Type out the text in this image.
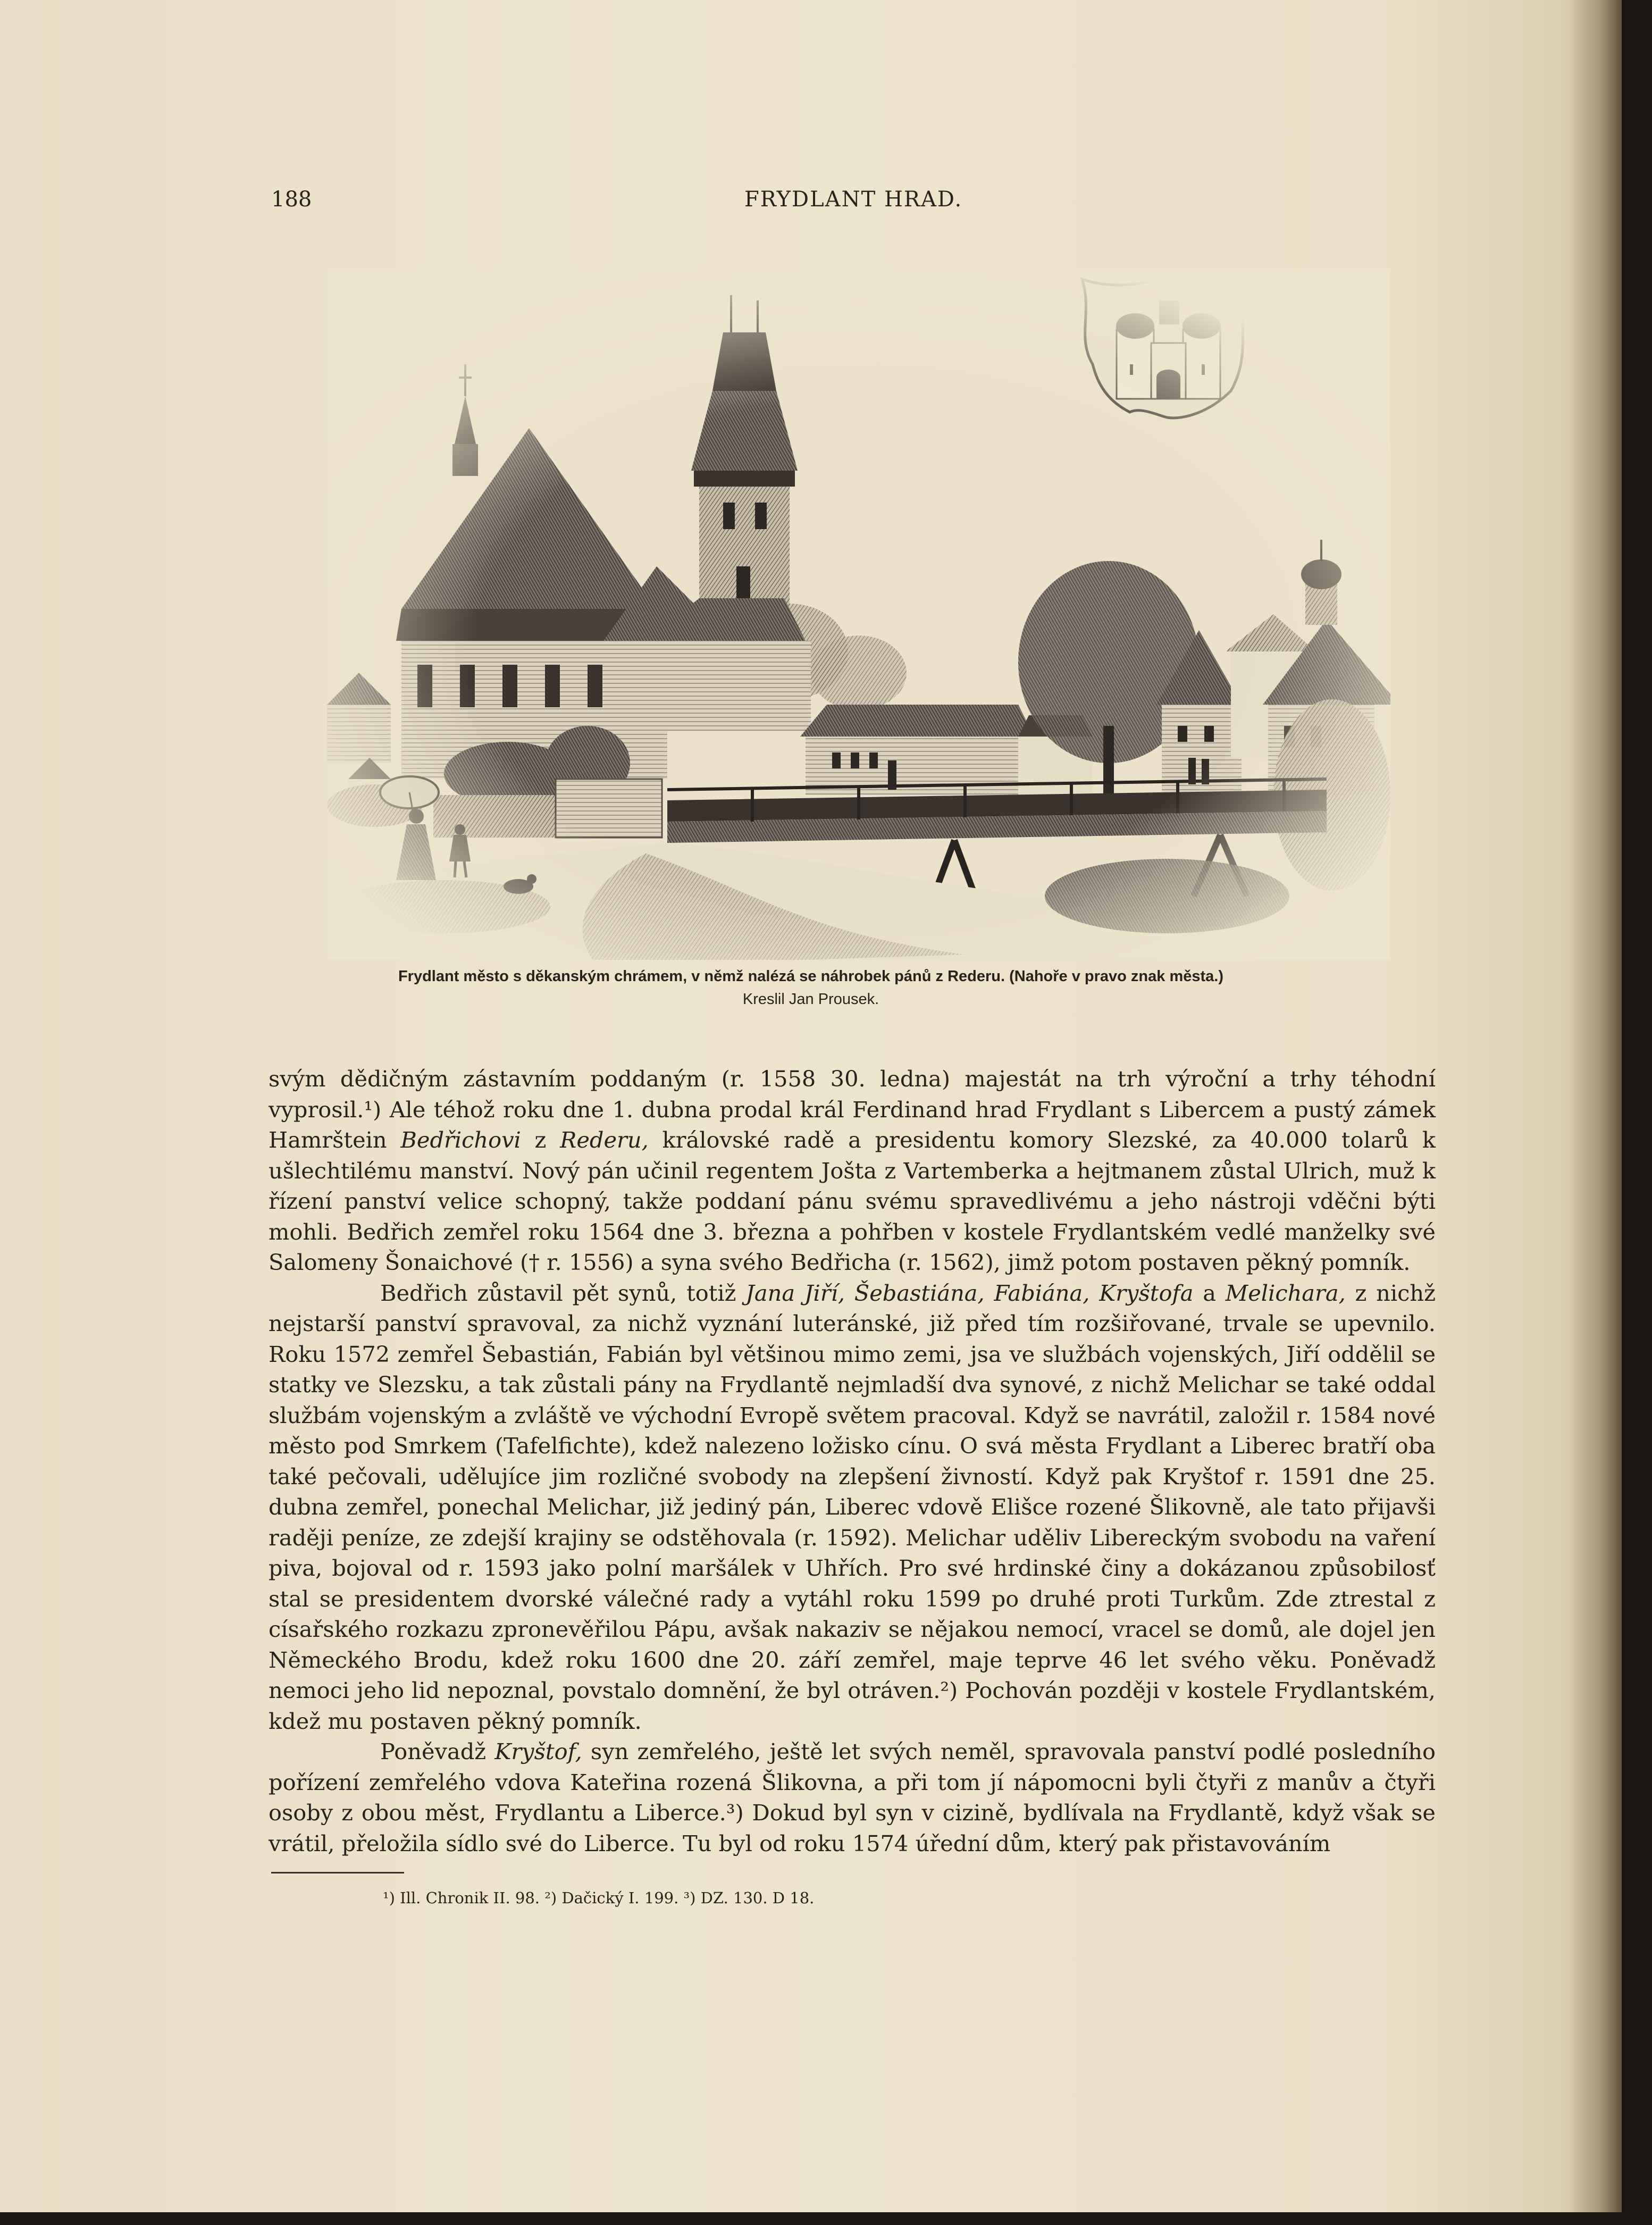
188	FRYDLANT HRAD.
Frydlant město s děkanským chrámem, v němž nalézá se náhrobek pánů z Rederu. (Nahoře v pravo znak města.)
Kreslil Jan Prousek.

svým dědičným zástavním poddaným (r. 1558 30. ledna) majestát na trh výroční a trhy téhodní vyprosil.¹) Ale téhož roku dne 1. dubna prodal král Ferdinand hrad Frydlant s Libercem a pustý zámek Hamrštein Bedřichovi z Rederu, královské radě a presidentu komory Slezské, za 40.000 tolarů k ušlechtilému manství. Nový pán učinil regentem Jošta z Vartemberka a hejtmanem zůstal Ulrich, muž k řízení panství velice schopný, takže poddaní pánu svému spravedlivému a jeho nástroji vděčni býti mohli. Bedřich zemřel roku 1564 dne 3. března a pohřben v kostele Frydlantském vedlé manželky své Salomeny Šonaichové († r. 1556) a syna svého Bedřicha (r. 1562), jimž potom postaven pěkný pomník.

Bedřich zůstavil pět synů, totiž Jana Jiří, Šebastiána, Fabiána, Kryštofa a Melichara, z nichž nejstarší panství spravoval, za nichž vyznání luteránské, již před tím rozšiřované, trvale se upevnilo. Roku 1572 zemřel Šebastián, Fabián byl většinou mimo zemi, jsa ve službách vojenských, Jiří oddělil se statky ve Slezsku, a tak zůstali pány na Frydlantě nejmladší dva synové, z nichž Melichar se také oddal službám vojenským a zvláště ve východní Evropě světem pracoval. Když se navrátil, založil r. 1584 nové město pod Smrkem (Tafelfichte), kdež nalezeno ložisko cínu. O svá města Frydlant a Liberec bratří oba také pečovali, udělujíce jim rozličné svobody na zlepšení živností. Když pak Kryštof r. 1591 dne 25. dubna zemřel, ponechal Melichar, již jediný pán, Liberec vdově Elišce rozené Šlikovně, ale tato přijavši raději peníze, ze zdejší krajiny se odstěhovala (r. 1592). Melichar uděliv Libereckým svobodu na vaření piva, bojoval od r. 1593 jako polní maršálek v Uhřích. Pro své hrdinské činy a dokázanou způsobilosť stal se presidentem dvorské válečné rady a vytáhl roku 1599 po druhé proti Turkům. Zde ztrestal z císařského rozkazu zpronevěřilou Pápu, avšak nakaziv se nějakou nemocí, vracel se domů, ale dojel jen Německého Brodu, kdež roku 1600 dne 20. září zemřel, maje teprve 46 let svého věku. Poněvadž nemoci jeho lid nepoznal, povstalo domnění, že byl otráven.²) Pochován později v kostele Frydlantském, kdež mu postaven pěkný pomník.

Poněvadž Kryštof, syn zemřelého, ještě let svých neměl, spravovala panství podlé posledního pořízení zemřelého vdova Kateřina rozená Šlikovna, a při tom jí nápomocni byli čtyři z manův a čtyři osoby z obou měst, Frydlantu a Liberce.³) Dokud byl syn v cizině, bydlívala na Frydlantě, když však se vrátil, přeložila sídlo své do Liberce. Tu byl od roku 1574 úřední dům, který pak přistavováním

¹) Ill. Chronik II. 98. ²) Dačický I. 199. ³) DZ. 130. D 18.
